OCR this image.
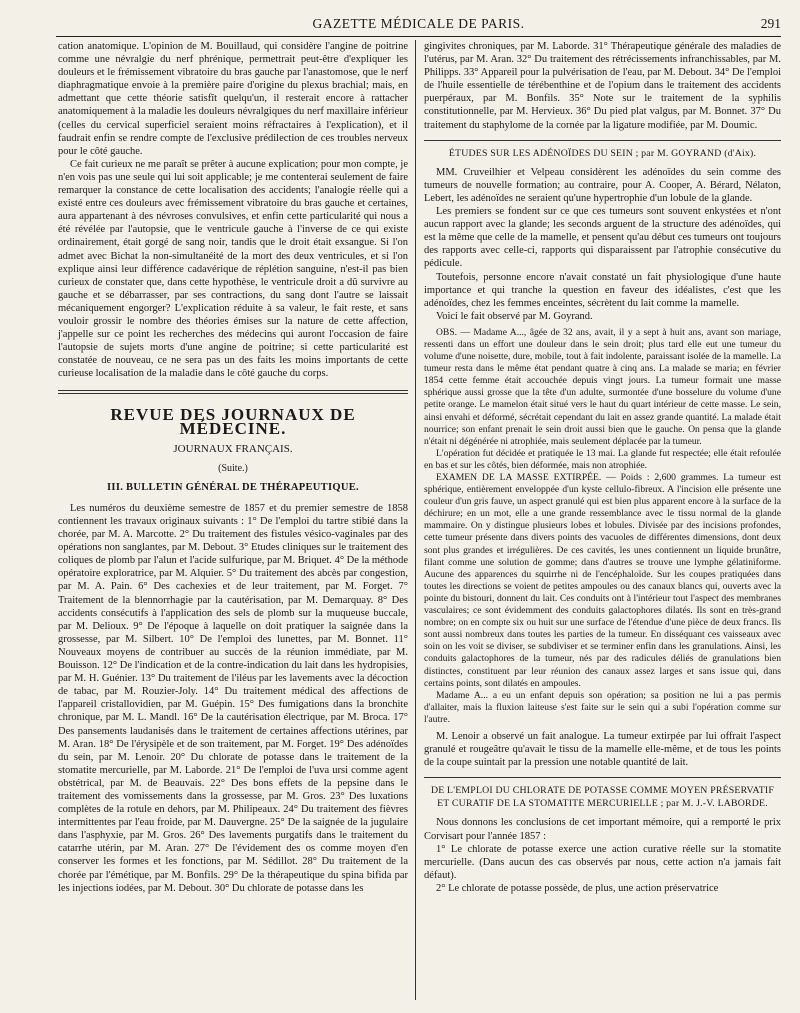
GAZETTE MÉDICALE DE PARIS.	291

cation anatomique. L'opinion de M. Bouillaud, qui considère l'angine de poitrine comme une névralgie du nerf phrénique, permettrait peut-être d'expliquer les douleurs et le frémissement vibratoire du bras gauche par l'anastomose, que le nerf diaphragmatique envoie à la première paire d'origine du plexus brachial; mais, en admettant que cette théorie satisfît quelqu'un, il resterait encore à rattacher anatomiquement à la maladie les douleurs névralgiques du nerf maxillaire inférieur (celles du cervical superficiel seraient moins réfractaires à l'explication), et il faudrait enfin se rendre compte de l'exclusive prédilection de ces troubles nerveux pour le côté gauche.

Ce fait curieux ne me paraît se prêter à aucune explication; pour mon compte, je n'en vois pas une seule qui lui soit applicable; je me contenterai seulement de faire remarquer la constance de cette localisation des accidents; l'analogie réelle qui a existé entre ces douleurs avec frémissement vibratoire du bras gauche et certaines, aura appartenant à des névroses convulsives, et enfin cette particularité qui nous a été révélée par l'autopsie, que le ventricule gauche à l'inverse de ce qui existe ordinairement, était gorgé de sang noir, tandis que le droit était exsangue. Si l'on admet avec Bichat la non-simultanéité de la mort des deux ventricules, et si l'on explique ainsi leur différence cadavérique de réplétion sanguine, n'est-il pas bien curieux de constater que, dans cette hypothèse, le ventricule droit a dû survivre au gauche et se débarrasser, par ses contractions, du sang dont l'autre se laissait mécaniquement engorger? L'explication réduite à sa valeur, le fait reste, et sans vouloir grossir le nombre des théories émises sur la nature de cette affection, j'appelle sur ce point les recherches des médecins qui auront l'occasion de faire l'autopsie de sujets morts d'une angine de poitrine; si cette particularité est constatée de nouveau, ce ne sera pas un des faits les moins importants de cette curieuse localisation de la maladie dans le côté gauche du corps.

REVUE DES JOURNAUX DE MÉDECINE.
JOURNAUX FRANÇAIS.
(Suite.)
III. BULLETIN GÉNÉRAL DE THÉRAPEUTIQUE.

Les numéros du deuxième semestre de 1857 et du premier semestre de 1858 contiennent les travaux originaux suivants : 1° De l'emploi du tartre stibié dans la chorée, par M. A. Marcotte. 2° Du traitement des fistules vésico-vaginales par des opérations non sanglantes, par M. Debout. 3° Etudes cliniques sur le traitement des coliques de plomb par l'alun et l'acide sulfurique, par M. Briquet. 4° De la méthode opératoire exploratrice, par M. Alquier. 5° Du traitement des abcès par congestion, par M. A. Pain. 6° Des cachexies et de leur traitement, par M. Forget. 7° Traitement de la blennorrhagie par la cautérisation, par M. Demarquay. 8° Des accidents consécutifs à l'application des sels de plomb sur la muqueuse buccale, par M. Delioux. 9° De l'époque à laquelle on doit pratiquer la saignée dans la grossesse, par M. Silbert. 10° De l'emploi des lunettes, par M. Bonnet. 11° Nouveaux moyens de contribuer au succès de la réunion immédiate, par M. Bouisson. 12° De l'indication et de la contre-indication du lait dans les hydropisies, par M. H. Guénier. 13° Du traitement de l'iléus par les lavements avec la décoction de tabac, par M. Rouzier-Joly. 14° Du traitement médical des affections de l'appareil cristallovidien, par M. Guépin. 15° Des fumigations dans la bronchite chronique, par M. L. Mandl. 16° De la cautérisation électrique, par M. Broca. 17° Des pansements laudanisés dans le traitement de certaines affections utérines, par M. Aran. 18° De l'érysipèle et de son traitement, par M. Forget. 19° Des adénoïdes du sein, par M. Lenoir. 20° Du chlorate de potasse dans le traitement de la stomatite mercurielle, par M. Laborde. 21° De l'emploi de l'uva ursi comme agent obstétrical, par M. de Beauvais. 22° Des bons effets de la pepsine dans le traitement des vomissements dans la grossesse, par M. Gros. 23° Des luxations complètes de la rotule en dehors, par M. Philipeaux. 24° Du traitement des fièvres intermittentes par l'eau froide, par M. Dauvergne. 25° De la saignée de la jugulaire dans l'asphyxie, par M. Gros. 26° Des lavements purgatifs dans le traitement du catarrhe utérin, par M. Aran. 27° De l'évidement des os comme moyen d'en conserver les formes et les fonctions, par M. Sédillot. 28° Du traitement de la chorée par l'émétique, par M. Bonfils. 29° De la thérapeutique du spina bifida par les injections iodées, par M. Debout. 30° Du chlorate de potasse dans les

gingivites chroniques, par M. Laborde. 31° Thérapeutique générale des maladies de l'utérus, par M. Aran. 32° Du traitement des rétrécissements infranchissables, par M. Philipps. 33° Appareil pour la pulvérisation de l'eau, par M. Debout. 34° De l'emploi de l'huile essentielle de térébenthine et de l'opium dans le traitement des accidents puerpéraux, par M. Bonfils. 35° Note sur le traitement de la syphilis constitutionnelle, par M. Hervieux. 36° Du pied plat valgus, par M. Bonnet. 37° Du traitement du staphylome de la cornée par la ligature modifiée, par M. Doumic.

ÉTUDES SUR LES ADÉNOÏDES DU SEIN ; par M. GOYRAND (d'Aix).

MM. Cruveilhier et Velpeau considèrent les adénoïdes du sein comme des tumeurs de nouvelle formation; au contraire, pour A. Cooper, A. Bérard, Nélaton, Lebert, les adénoïdes ne seraient qu'une hypertrophie d'un lobule de la glande.

Les premiers se fondent sur ce que ces tumeurs sont souvent enkystées et n'ont aucun rapport avec la glande; les seconds arguent de la structure des adénoïdes, qui est la même que celle de la mamelle, et pensent qu'au début ces tumeurs ont toujours des rapports avec celle-ci, rapports qui disparaissent par l'atrophie consécutive du pédicule.

Toutefois, personne encore n'avait constaté un fait physiologique d'une haute importance et qui tranche la question en faveur des idéalistes, c'est que les adénoïdes, chez les femmes enceintes, sécrètent du lait comme la mamelle.

Voici le fait observé par M. Goyrand.

OBS. — Madame A..., âgée de 32 ans, avait, il y a sept à huit ans, avant son mariage, ressenti dans un effort une douleur dans le sein droit; plus tard elle eut une tumeur du volume d'une noisette, dure, mobile, tout à fait indolente, paraissant isolée de la mamelle. La tumeur resta dans le même état pendant quatre à cinq ans. La malade se maria; en février 1854 cette femme était accouchée depuis vingt jours. La tumeur formait une masse sphérique aussi grosse que la tête d'un adulte, surmontée d'une bosselure du volume d'une petite orange. Le mamelon était situé vers le haut du quart intérieur de cette masse. Le sein, ainsi envahi et déformé, sécrétait cependant du lait en assez grande quantité. La malade était nourrice; son enfant prenait le sein droit aussi bien que le gauche. On pensa que la glande n'était ni dégénérée ni atrophiée, mais seulement déplacée par la tumeur.

L'opération fut décidée et pratiquée le 13 mai. La glande fut respectée; elle était refoulée en bas et sur les côtés, bien déformée, mais non atrophiée.

EXAMEN DE LA MASSE EXTIRPÉE. — Poids : 2,600 grammes. La tumeur est sphérique, entièrement enveloppée d'un kyste cellulo-fibreux. A l'incision elle présente une couleur d'un gris fauve, un aspect granulé qui est bien plus apparent encore à la surface de la déchirure; en un mot, elle a une grande ressemblance avec le tissu normal de la glande mammaire. On y distingue plusieurs lobes et lobules. Divisée par des incisions profondes, cette tumeur présente dans divers points des vacuoles de différentes dimensions, dont deux sont plus grandes et irrégulières. De ces cavités, les unes contiennent un liquide brunâtre, filant comme une solution de gomme; dans d'autres se trouve une lymphe gélatiniforme. Aucune des apparences du squirrhe ni de l'encéphaloïde. Sur les coupes pratiquées dans toutes les directions se voient de petites ampoules ou des canaux blancs qui, ouverts avec la pointe du bistouri, donnent du lait. Ces conduits ont à l'intérieur tout l'aspect des membranes vasculaires; ce sont évidemment des conduits galactophores dilatés. Ils sont en très-grand nombre; on en compte six ou huit sur une surface de l'étendue d'une pièce de deux francs. Ils sont aussi nombreux dans toutes les parties de la tumeur. En disséquant ces vaisseaux avec soin on les voit se diviser, se subdiviser et se terminer enfin dans les granulations. Ainsi, les conduits galactophores de la tumeur, nés par des radicules déliés de granulations bien distinctes, constituent par leur réunion des canaux assez larges et sans issue qui, dans certains points, sont dilatés en ampoules.

Madame A... a eu un enfant depuis son opération; sa position ne lui a pas permis d'allaiter, mais la fluxion laiteuse s'est faite sur le sein qui a subi l'opération comme sur l'autre.

M. Lenoir a observé un fait analogue. La tumeur extirpée par lui offrait l'aspect granulé et rougeâtre qu'avait le tissu de la mamelle elle-même, et de tous les points de la coupe suintait par la pression une notable quantité de lait.

DE L'EMPLOI DU CHLORATE DE POTASSE COMME MOYEN PRÉSERVATIF ET CURATIF DE LA STOMATITE MERCURIELLE ; par M. J.-V. LABORDE.

Nous donnons les conclusions de cet important mémoire, qui a remporté le prix Corvisart pour l'année 1857 :

1° Le chlorate de potasse exerce une action curative réelle sur la stomatite mercurielle. (Dans aucun des cas observés par nous, cette action n'a jamais fait défaut).

2° Le chlorate de potasse possède, de plus, une action préservatrice
